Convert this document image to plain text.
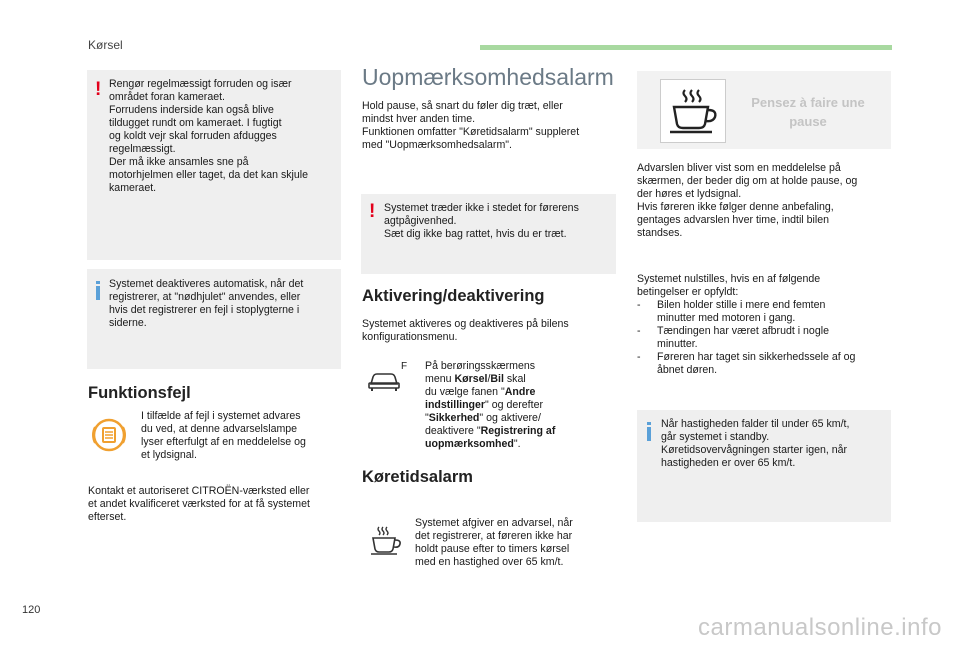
Kørsel
! Rengør regelmæssigt forruden og især
området foran kameraet.
Forrudens inderside kan også blive
tildugget rundt om kameraet. I fugtigt
og koldt vejr skal forruden afdugges
regelmæssigt.
Der må ikke ansamles sne på
motorhjelmen eller taget, da det kan skjule
kameraet.

Systemet deaktiveres automatisk, når det
registrerer, at "nødhjulet" anvendes, eller
hvis det registrerer en fejl i stoplygterne i
siderne.

Funktionsfejl

I tilfælde af fejl i systemet advares
du ved, at denne advarselslampe
lyser efterfulgt af en meddelelse og
et lydsignal.

Kontakt et autoriseret CITROËN-værksted eller
et andet kvalificeret værksted for at få systemet
efterset.

Uopmærksomhedsalarm

Hold pause, så snart du føler dig træt, eller
mindst hver anden time.
Funktionen omfatter "Køretidsalarm" suppleret
med "Uopmærksomhedsalarm".

! Systemet træder ikke i stedet for førerens
agtpågivenhed.
Sæt dig ikke bag rattet, hvis du er træt.

Aktivering/deaktivering

Systemet aktiveres og deaktiveres på bilens
konfigurationsmenu.

F På berøringsskærmens
menu Kørsel/Bil skal
du vælge fanen "Andre
indstillinger" og derefter
"Sikkerhed" og aktivere/
deaktivere "Registrering af
uopmærksomhed".
Køretidsalarm

Systemet afgiver en advarsel, når
det registrerer, at føreren ikke har
holdt pause efter to timers kørsel
med en hastighed over 65 km/t.

Pensez à faire une
pause

Advarslen bliver vist som en meddelelse på
skærmen, der beder dig om at holde pause, og
der høres et lydsignal.
Hvis føreren ikke følger denne anbefaling,
gentages advarslen hver time, indtil bilen
standses.

Systemet nulstilles, hvis en af følgende
betingelser er opfyldt:

- Bilen holder stille i mere end femten
minutter med motoren i gang.

- Tændingen har været afbrudt i nogle
minutter.

- Føreren har taget sin sikkerhedssele af og
åbnet døren.

Når hastigheden falder til under 65 km/t,
går systemet i standby.
Køretidsovervågningen starter igen, når
hastigheden er over 65 km/t.

120
carmanualsonline.info
